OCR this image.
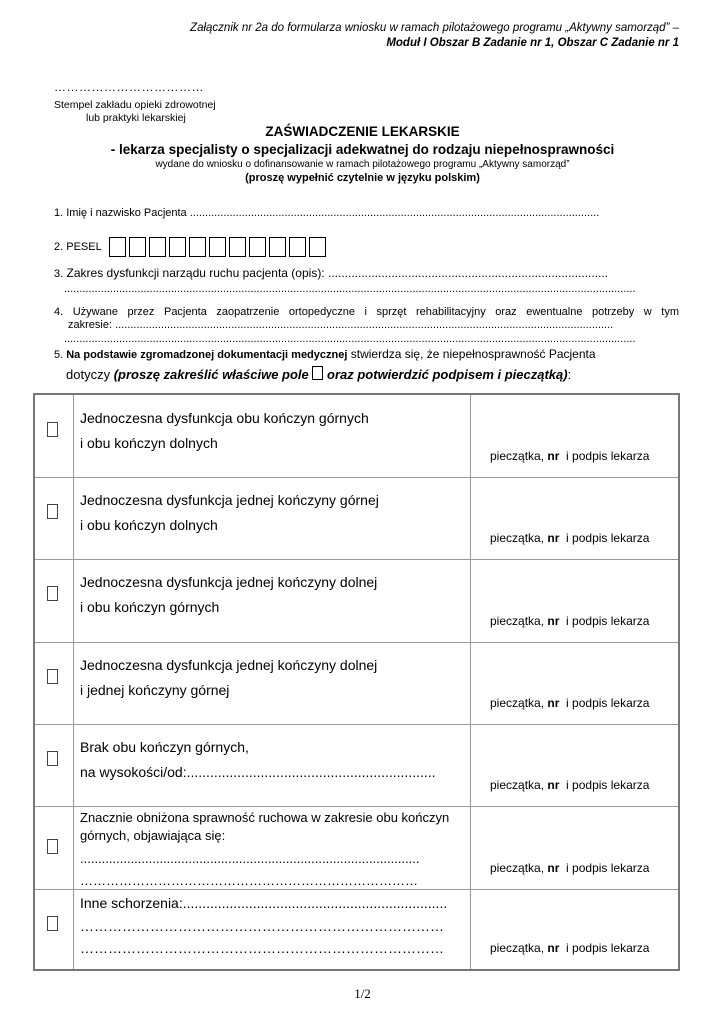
Załącznik nr 2a do formularza wniosku w ramach pilotażowego programu „Aktywny samorząd” –
Moduł I Obszar B Zadanie nr 1, Obszar C Zadanie nr 1
………………………………
Stempel zakładu opieki zdrowotnej
lub praktyki lekarskiej
ZAŚWIADCZENIE LEKARSKIE
- lekarza specjalisty o specjalizacji adekwatnej do rodzaju niepełnosprawności
wydane do wniosku o dofinansowanie w ramach pilotażowego programu „Aktywny samorząd”
(proszę wypełnić czytelnie w języku polskim)
1. Imię i nazwisko Pacjenta ......................................................................................................................................
2. PESEL
3. Zakres dysfunkcji narządu ruchu pacjenta (opis): ....................................................................................
...........................................................................................................................................................................................
4. Używane przez Pacjenta zaopatrzenie ortopedyczne i sprzęt rehabilitacyjny oraz ewentualne potrzeby w tym
zakresie: ...................................................................................................................................................................
...........................................................................................................................................................................................
5. Na podstawie zgromadzonej dokumentacji medycznej stwierdza się, że niepełnosprawność Pacjenta
dotyczy (proszę zakreślić właściwe pole  oraz potwierdzić podpisem i pieczątką):
Jednoczesna dysfunkcja obu kończyn górnych
i obu kończyn dolnych
pieczątka, nr  i podpis lekarza
Jednoczesna dysfunkcja jednej kończyny górnej
i obu kończyn dolnych
pieczątka, nr  i podpis lekarza
Jednoczesna dysfunkcja jednej kończyny dolnej
i obu kończyn górnych
pieczątka, nr  i podpis lekarza
Jednoczesna dysfunkcja jednej kończyny dolnej
i jednej kończyny górnej
pieczątka, nr  i podpis lekarza
Brak obu kończyn górnych,
na wysokości/od:................................................................
pieczątka, nr  i podpis lekarza
Znacznie obniżona sprawność ruchowa w zakresie obu kończyn
górnych, objawiająca się:
..............................................................................................
……………………………………………………………………
pieczątka, nr  i podpis lekarza
Inne schorzenia:....................................................................
……………………………………………………………………
……………………………………………………………………	pieczątka, nr  i podpis lekarza
1/2
